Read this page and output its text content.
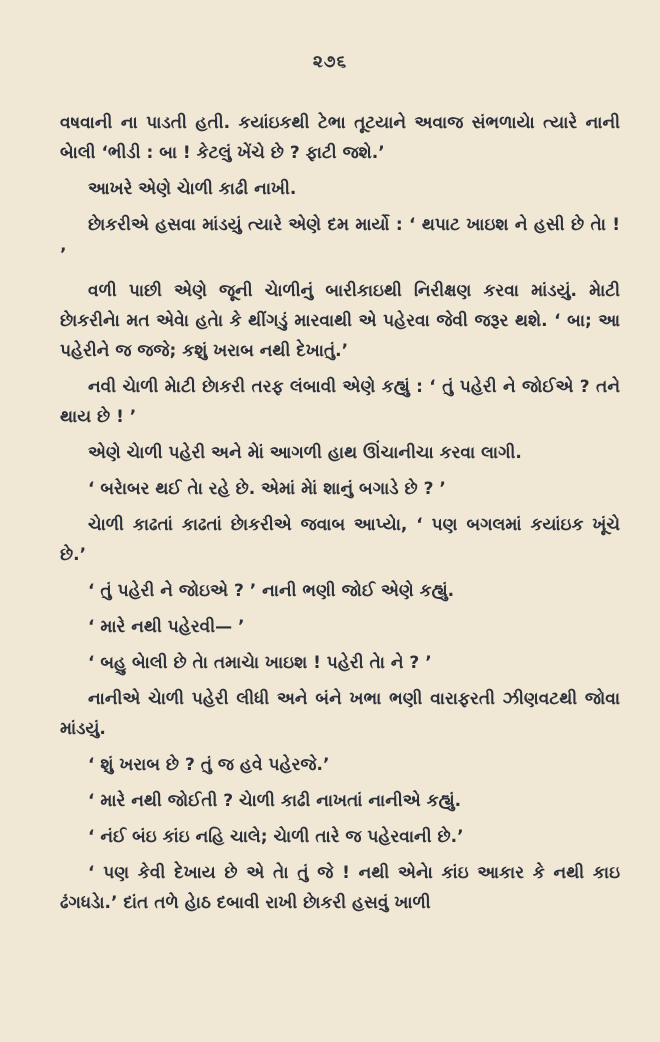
૨૭૬

વષવાની ના પાડતી હતી. કયાંઇકથી ટેભા તૂટયાને અવાજ સંભળાયેા ત્યારે નાની બેાલી ‘ભીડી : બા ! કેટલું ખેંચે છે ? ફાટી જશે.’

આખરે એણે ચેાળી કાઢી નાખી.

છેાકરીએ હસવા માંડયું ત્યારે એણે દમ માર્યો : ‘ થપાટ ખાઇશ ને હસી છે તેા ! ’

વળી પાછી એણે જૂની ચેાળીનું બારીકાઇથી નિરીક્ષણ કરવા માંડયું. મેાટી છેાકરીનેા મત એવેા હતેા કે થીંગડું મારવાથી એ પહેરવા જેવી જરૂર થશે. ‘ બા; આ પહેરીને જ જજે; કશું ખરાબ નથી દેખાતું.’

નવી ચેાળી મેાટી છેાકરી તરફ લંબાવી એણે કહ્યું : ‘ તું પહેરી ને જોઈએ ? તને થાય છે ! ’

એણે ચેાળી પહેરી અને મેાં આગળી હાથ ઊંચાનીચા કરવા લાગી.

‘ બરેાબર થઈ તેા રહે છે. એમાં મેાં શાનું બગાડે છે ? ’

ચેાળી કાઢતાં કાઢતાં છેાકરીએ જવાબ આપ્યેા, ‘ પણ બગલમાં કયાંઇક ખૂંચે છે.’

‘ તું પહેરી ને જોઇએ ? ’ નાની ભણી જોઈ એણે કહ્યું.

‘ મારે નથી પહેરવી— ’

‘ બહુ બેાલી છે તેા તમાચેા ખાઇશ ! પહેરી તેા ને ? ’

નાનીએ ચેાળી પહેરી લીધી અને બંને ખભા ભણી વારાફરતી ઝીણવટથી જોવા માંડયું.

‘ શું ખરાબ છે ? તું જ હવે પહેરજે.’

‘ મારે નથી જોઈતી ? ચેાળી કાઢી નાખતાં નાનીએ કહ્યું.

‘ નંઈ બંઇ કાંઇ નહિ ચાલે; ચેાળી તારે જ પહેરવાની છે.’

‘ પણ કેવી દેખાય છે એ તેા તું જે ! નથી એનેા કાંઇ આકાર કે નથી કાઇ ઢંગધડેા.’ દાંત તળે હેાઠ દબાવી રાખી છેાકરી હસવું ખાળી
